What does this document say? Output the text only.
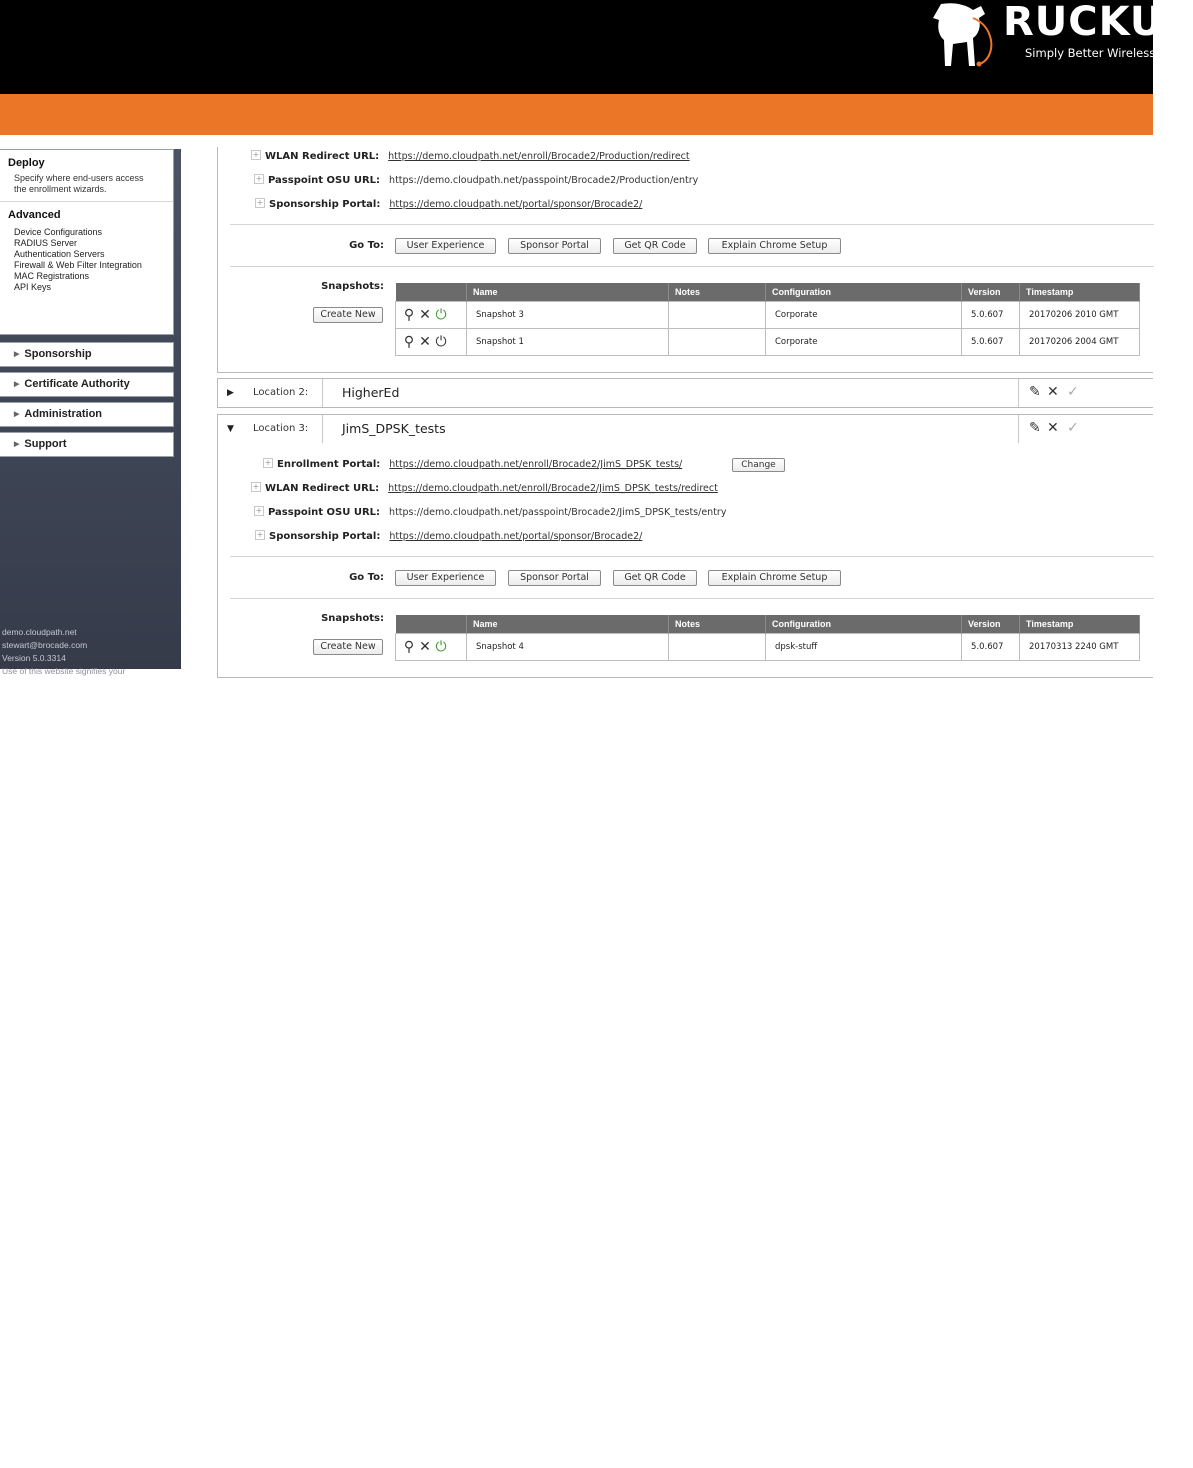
RUCKUS
Simply Better Wireless.
Deploy
Specify where end-users access
the enrollment wizards.
Advanced
Device Configurations
RADIUS Server
Authentication Servers
Firewall & Web Filter Integration
MAC Registrations
API Keys
▶ Sponsorship
▶ Certificate Authority
▶ Administration
▶ Support
demo.cloudpath.net
stewart@brocade.com
Version 5.0.3314
Use of this website signifies your
+ WLAN Redirect URL: https://demo.cloudpath.net/enroll/Brocade2/Production/redirect
+ Passpoint OSU URL: https://demo.cloudpath.net/passpoint/Brocade2/Production/entry
+ Sponsorship Portal: https://demo.cloudpath.net/portal/sponsor/Brocade2/
Go To:	User Experience	Sponsor Portal	Get QR Code	Explain Chrome Setup
Snapshots:
Create New
	Name	Notes	Configuration	Version	Timestamp
⚲ ✕ ⏻	Snapshot 3		Corporate	5.0.607	20170206 2010 GMT
⚲ ✕ ⏻	Snapshot 1		Corporate	5.0.607	20170206 2004 GMT
▶ Location 2:	HigherEd	✎ ✕ ✓
▼ Location 3:	JimS_DPSK_tests	✎ ✕ ✓
+ Enrollment Portal: https://demo.cloudpath.net/enroll/Brocade2/JimS_DPSK_tests/	Change
+ WLAN Redirect URL: https://demo.cloudpath.net/enroll/Brocade2/JimS_DPSK_tests/redirect
+ Passpoint OSU URL: https://demo.cloudpath.net/passpoint/Brocade2/JimS_DPSK_tests/entry
+ Sponsorship Portal: https://demo.cloudpath.net/portal/sponsor/Brocade2/
Go To:	User Experience	Sponsor Portal	Get QR Code	Explain Chrome Setup
Snapshots:
Create New
	Name	Notes	Configuration	Version	Timestamp
⚲ ✕ ⏻	Snapshot 4		dpsk-stuff	5.0.607	20170313 2240 GMT
